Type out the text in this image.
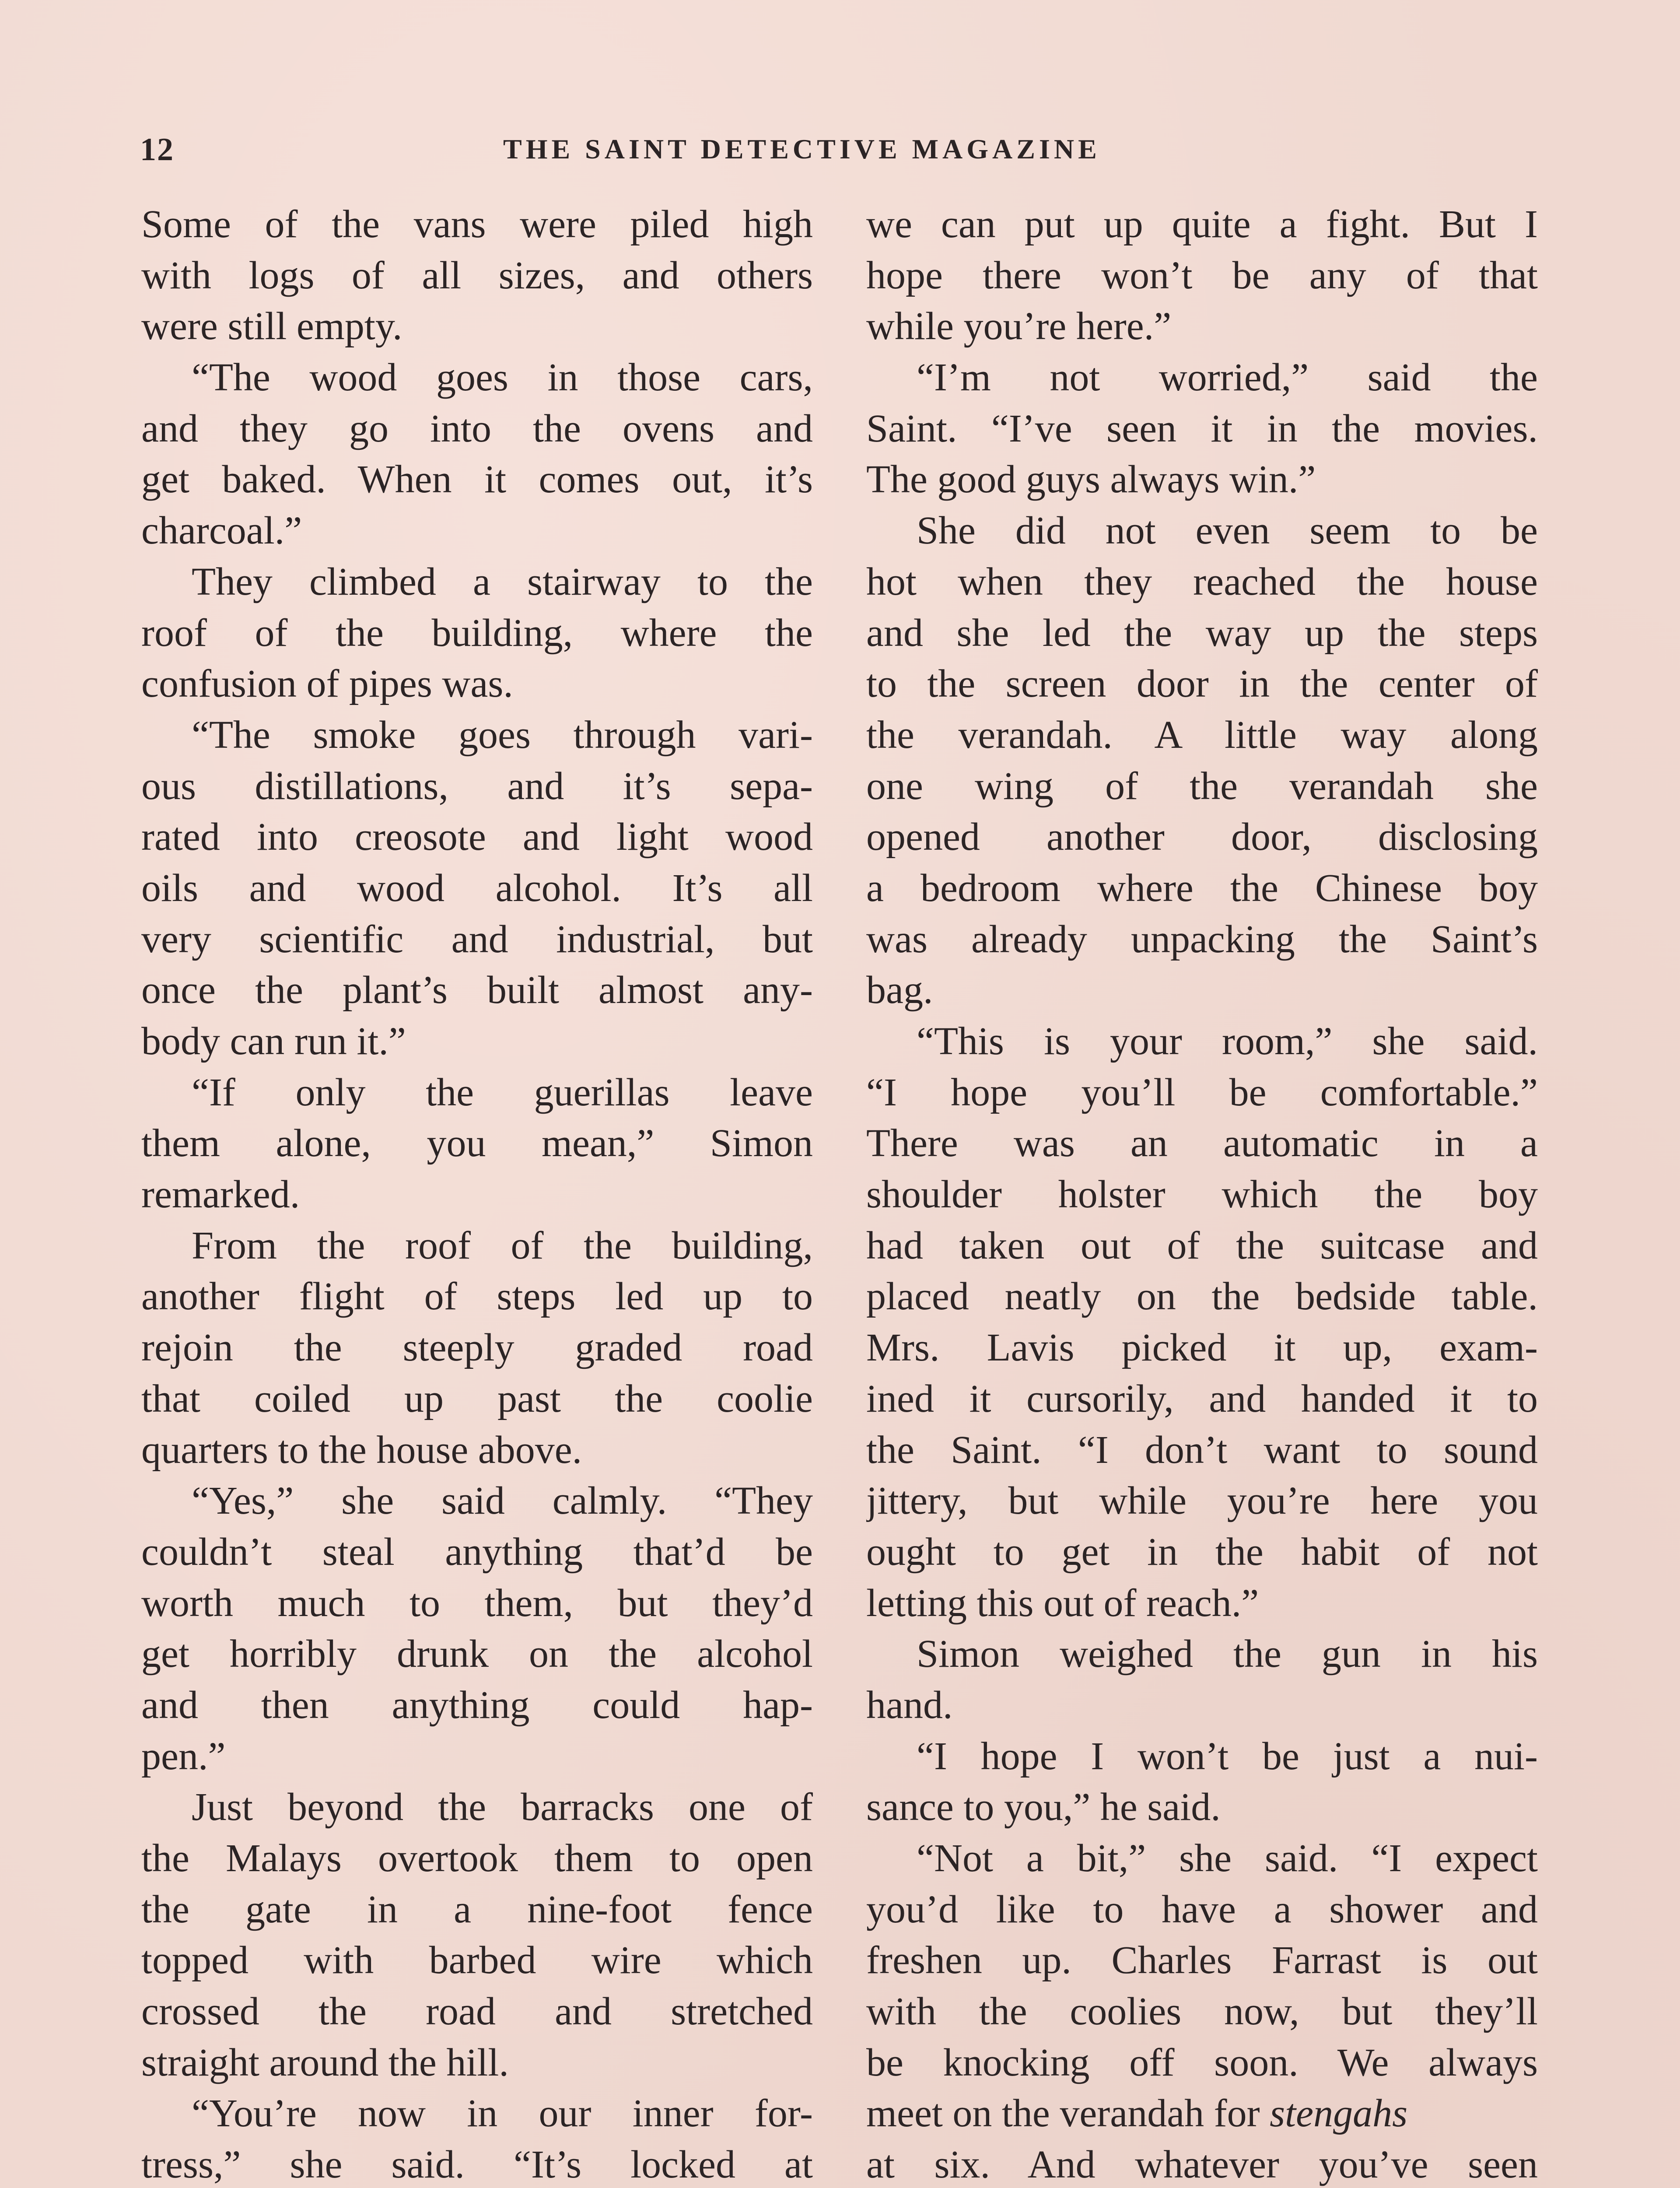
12	THE SAINT DETECTIVE MAGAZINE
Some of the vans were piled high
with logs of all sizes, and others
were still empty.
“The wood goes in those cars,
and they go into the ovens and
get baked. When it comes out, it’s
charcoal.”
They climbed a stairway to the
roof of the building, where the
confusion of pipes was.
“The smoke goes through vari-
ous distillations, and it’s sepa-
rated into creosote and light wood
oils and wood alcohol. It’s all
very scientific and industrial, but
once the plant’s built almost any-
body can run it.”
“If only the guerillas leave
them alone, you mean,” Simon
remarked.
From the roof of the building,
another flight of steps led up to
rejoin the steeply graded road
that coiled up past the coolie
quarters to the house above.
“Yes,” she said calmly. “They
couldn’t steal anything that’d be
worth much to them, but they’d
get horribly drunk on the alcohol
and then anything could hap-
pen.”
Just beyond the barracks one of
the Malays overtook them to open
the gate in a nine-foot fence
topped with barbed wire which
crossed the road and stretched
straight around the hill.
“You’re now in our inner for-
tress,” she said. “It’s locked at
we can put up quite a fight. But I
hope there won’t be any of that
while you’re here.”
“I’m not worried,” said the
Saint. “I’ve seen it in the movies.
The good guys always win.”
She did not even seem to be
hot when they reached the house
and she led the way up the steps
to the screen door in the center of
the verandah. A little way along
one wing of the verandah she
opened another door, disclosing
a bedroom where the Chinese boy
was already unpacking the Saint’s
bag.
“This is your room,” she said.
“I hope you’ll be comfortable.”
There was an automatic in a
shoulder holster which the boy
had taken out of the suitcase and
placed neatly on the bedside table.
Mrs. Lavis picked it up, exam-
ined it cursorily, and handed it to
the Saint. “I don’t want to sound
jittery, but while you’re here you
ought to get in the habit of not
letting this out of reach.”
Simon weighed the gun in his
hand.
“I hope I won’t be just a nui-
sance to you,” he said.
“Not a bit,” she said. “I expect
you’d like to have a shower and
freshen up. Charles Farrast is out
with the coolies now, but they’ll
be knocking off soon. We always
meet on the verandah for stengahs
at six. And whatever you’ve seen
